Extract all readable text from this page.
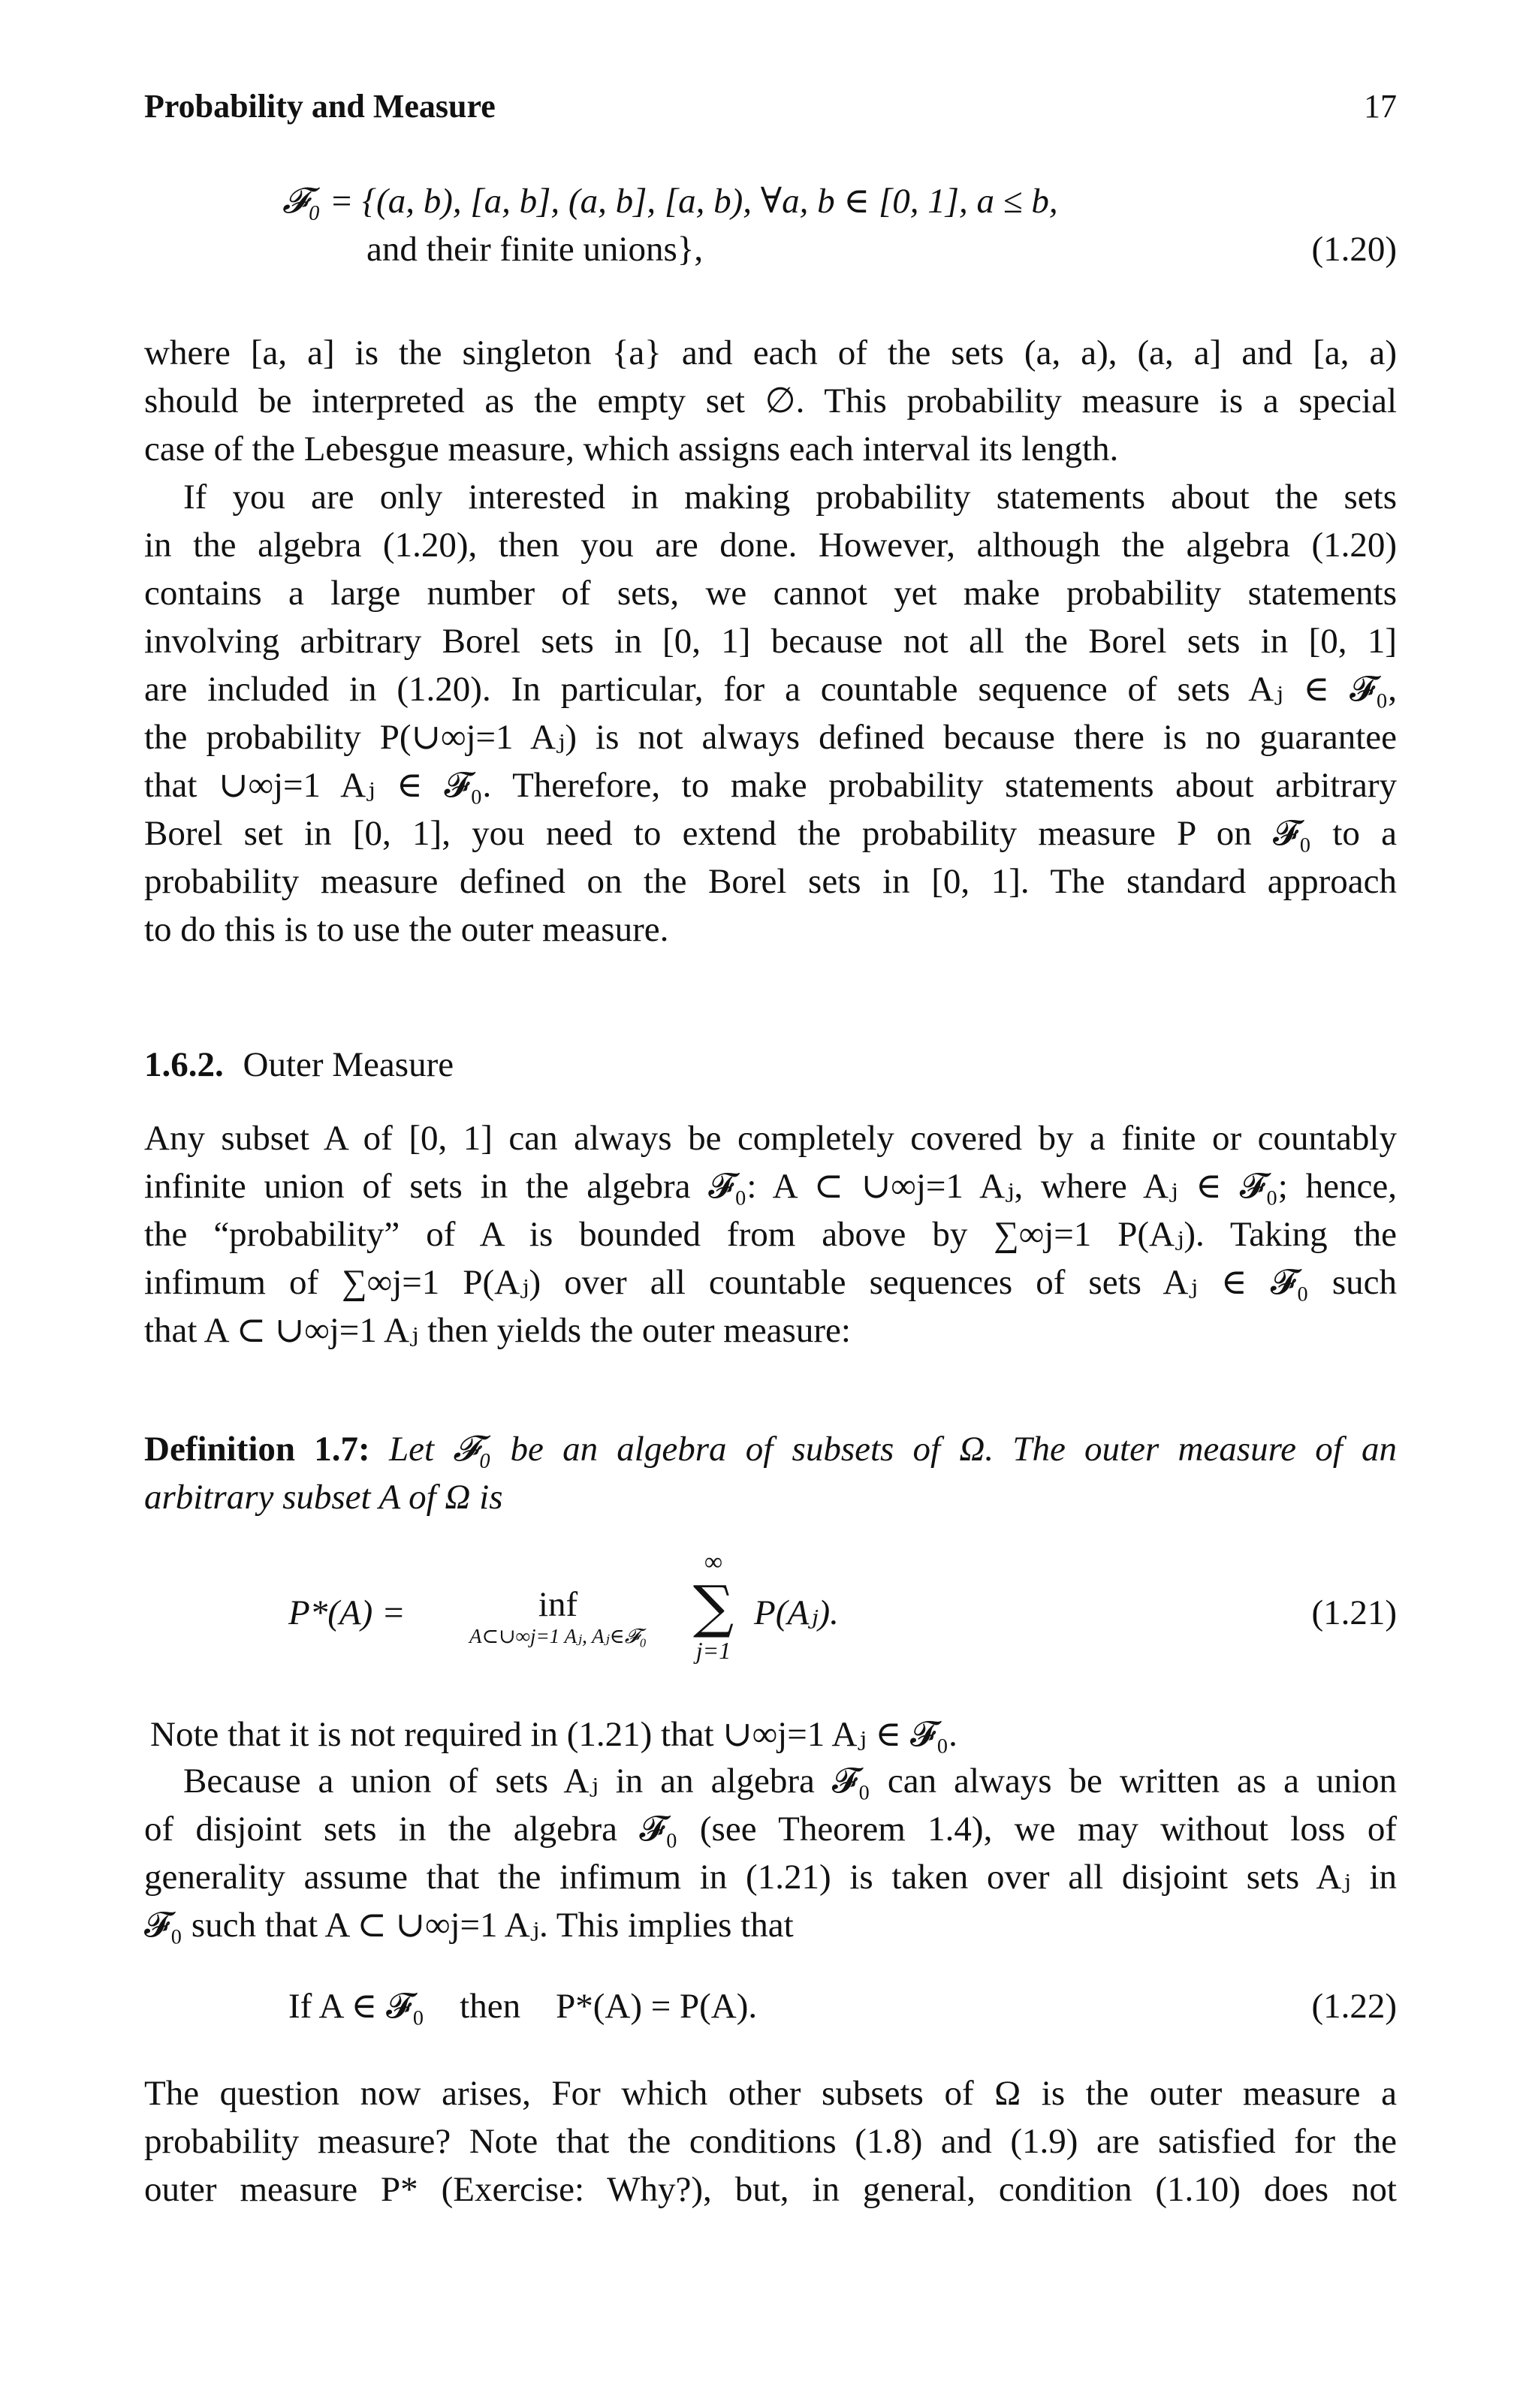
Probability and Measure	17
𝓕₀ = {(a, b), [a, b], (a, b], [a, b), ∀a, b ∈ [0, 1], a ≤ b,
and their finite unions},	(1.20)
where [a, a] is the singleton {a} and each of the sets (a, a), (a, a] and [a, a)
should be interpreted as the empty set ∅. This probability measure is a special
case of the Lebesgue measure, which assigns each interval its length.
If you are only interested in making probability statements about the sets
in the algebra (1.20), then you are done. However, although the algebra (1.20)
contains a large number of sets, we cannot yet make probability statements
involving arbitrary Borel sets in [0, 1] because not all the Borel sets in [0, 1]
are included in (1.20). In particular, for a countable sequence of sets Aⱼ ∈ 𝓕₀,
the probability P(∪∞j=1 Aⱼ) is not always defined because there is no guarantee
that ∪∞j=1 Aⱼ ∈ 𝓕₀. Therefore, to make probability statements about arbitrary
Borel set in [0, 1], you need to extend the probability measure P on 𝓕₀ to a
probability measure defined on the Borel sets in [0, 1]. The standard approach
to do this is to use the outer measure.
1.6.2. Outer Measure
Any subset A of [0, 1] can always be completely covered by a finite or countably
infinite union of sets in the algebra 𝓕₀: A ⊂ ∪∞j=1 Aⱼ, where Aⱼ ∈ 𝓕₀; hence,
the “probability” of A is bounded from above by ∑∞j=1 P(Aⱼ). Taking the
infimum of ∑∞j=1 P(Aⱼ) over all countable sequences of sets Aⱼ ∈ 𝓕₀ such
that A ⊂ ∪∞j=1 Aⱼ then yields the outer measure:
Definition 1.7: Let 𝓕₀ be an algebra of subsets of Ω. The outer measure of an
arbitrary subset A of Ω is
P*(A) =	inf
A⊂∪∞j=1 Aⱼ, Aⱼ∈𝓕₀
∞
∑
j=1
P(Aⱼ).	(1.21)
Note that it is not required in (1.21) that ∪∞j=1 Aⱼ ∈ 𝓕₀.
Because a union of sets Aⱼ in an algebra 𝓕₀ can always be written as a union
of disjoint sets in the algebra 𝓕₀ (see Theorem 1.4), we may without loss of
generality assume that the infimum in (1.21) is taken over all disjoint sets Aⱼ in
𝓕₀ such that A ⊂ ∪∞j=1 Aⱼ. This implies that
If A ∈ 𝓕₀    then    P*(A) = P(A).	(1.22)
The question now arises, For which other subsets of Ω is the outer measure a
probability measure? Note that the conditions (1.8) and (1.9) are satisfied for the
outer measure P* (Exercise: Why?), but, in general, condition (1.10) does not
